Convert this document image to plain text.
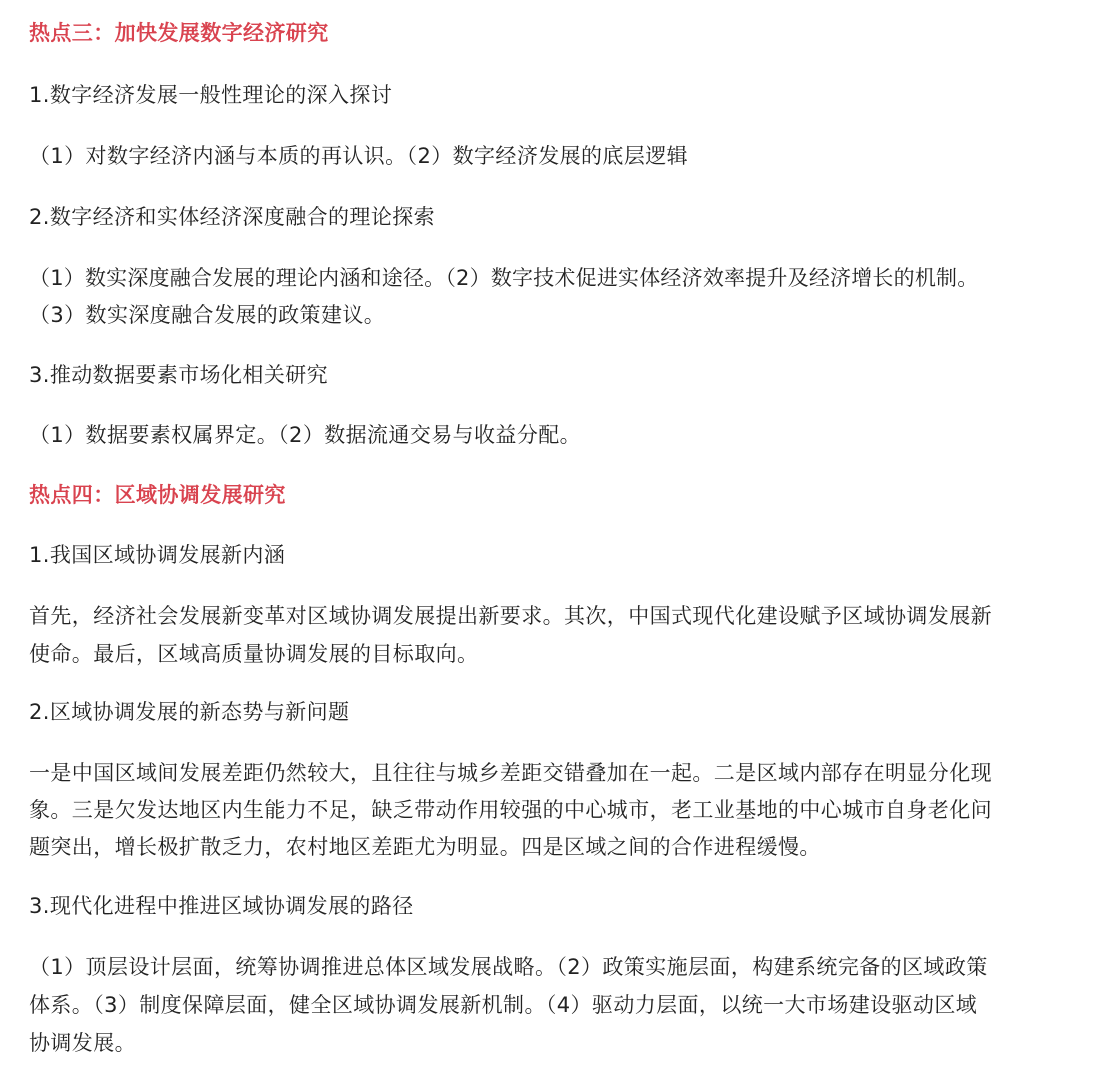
热点三：加快发展数字经济研究
1.数字经济发展一般性理论的深入探讨
（1）对数字经济内涵与本质的再认识。（2）数字经济发展的底层逻辑
2.数字经济和实体经济深度融合的理论探索
（1）数实深度融合发展的理论内涵和途径。（2）数字技术促进实体经济效率提升及经济增长的机制。
（3）数实深度融合发展的政策建议。
3.推动数据要素市场化相关研究
（1）数据要素权属界定。（2）数据流通交易与收益分配。
热点四：区域协调发展研究
1.我国区域协调发展新内涵
首先，经济社会发展新变革对区域协调发展提出新要求。其次，中国式现代化建设赋予区域协调发展新
使命。最后，区域高质量协调发展的目标取向。
2.区域协调发展的新态势与新问题
一是中国区域间发展差距仍然较大，且往往与城乡差距交错叠加在一起。二是区域内部存在明显分化现
象。三是欠发达地区内生能力不足，缺乏带动作用较强的中心城市，老工业基地的中心城市自身老化问
题突出，增长极扩散乏力，农村地区差距尤为明显。四是区域之间的合作进程缓慢。
3.现代化进程中推进区域协调发展的路径
（1）顶层设计层面，统筹协调推进总体区域发展战略。（2）政策实施层面，构建系统完备的区域政策
体系。（3）制度保障层面，健全区域协调发展新机制。（4）驱动力层面，以统一大市场建设驱动区域
协调发展。
